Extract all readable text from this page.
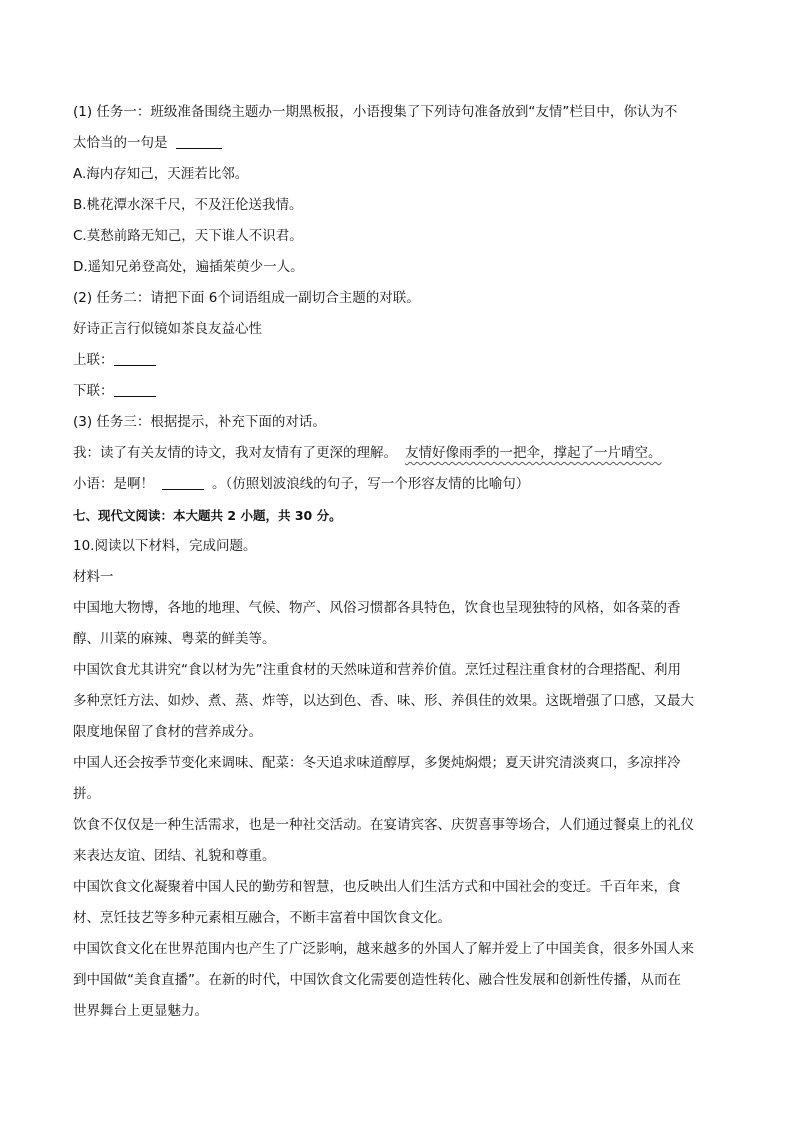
(1) 任务一：班级准备围绕主题办一期黑板报，小语搜集了下列诗句准备放到“友情”栏目中，你认为不
太恰当的一句是
A.海内存知己，天涯若比邻。
B.桃花潭水深千尺，不及汪伦送我情。
C.莫愁前路无知己，天下谁人不识君。
D.遥知兄弟登高处，遍插茱萸少一人。
(2) 任务二：请把下面 6个词语组成一副切合主题的对联。
好诗正言行似镜如茶良友益心性
上联：
下联：
(3) 任务三：根据提示，补充下面的对话。
我：读了有关友情的诗文，我对友情有了更深的理解。 友情好像雨季的一把伞，撑起了一片晴空。
小语：是啊！	。（仿照划波浪线的句子，写一个形容友情的比喻句）
七、现代文阅读：本大题共 2 小题，共 30 分。
10.阅读以下材料，完成问题。
材料一
中国地大物博，各地的地理、气候、物产、风俗习惯都各具特色，饮食也呈现独特的风格，如各菜的香
醇、川菜的麻辣、粤菜的鲜美等。
中国饮食尤其讲究“食以材为先”注重食材的天然味道和营养价值。烹饪过程注重食材的合理搭配、利用
多种烹饪方法、如炒、煮、蒸、炸等，以达到色、香、味、形、养俱佳的效果。这既增强了口感，又最大
限度地保留了食材的营养成分。
中国人还会按季节变化来调味、配菜：冬天追求味道醇厚，多煲炖焖煨；夏天讲究清淡爽口，多凉拌冷
拼。
饮食不仅仅是一种生活需求，也是一种社交活动。在宴请宾客、庆贺喜事等场合，人们通过餐桌上的礼仪
来表达友谊、团结、礼貌和尊重。
中国饮食文化凝聚着中国人民的勤劳和智慧，也反映出人们生活方式和中国社会的变迁。千百年来，食
材、烹饪技艺等多种元素相互融合，不断丰富着中国饮食文化。
中国饮食文化在世界范围内也产生了广泛影响，越来越多的外国人了解并爱上了中国美食，很多外国人来
到中国做“美食直播”。在新的时代，中国饮食文化需要创造性转化、融合性发展和创新性传播，从而在
世界舞台上更显魅力。
